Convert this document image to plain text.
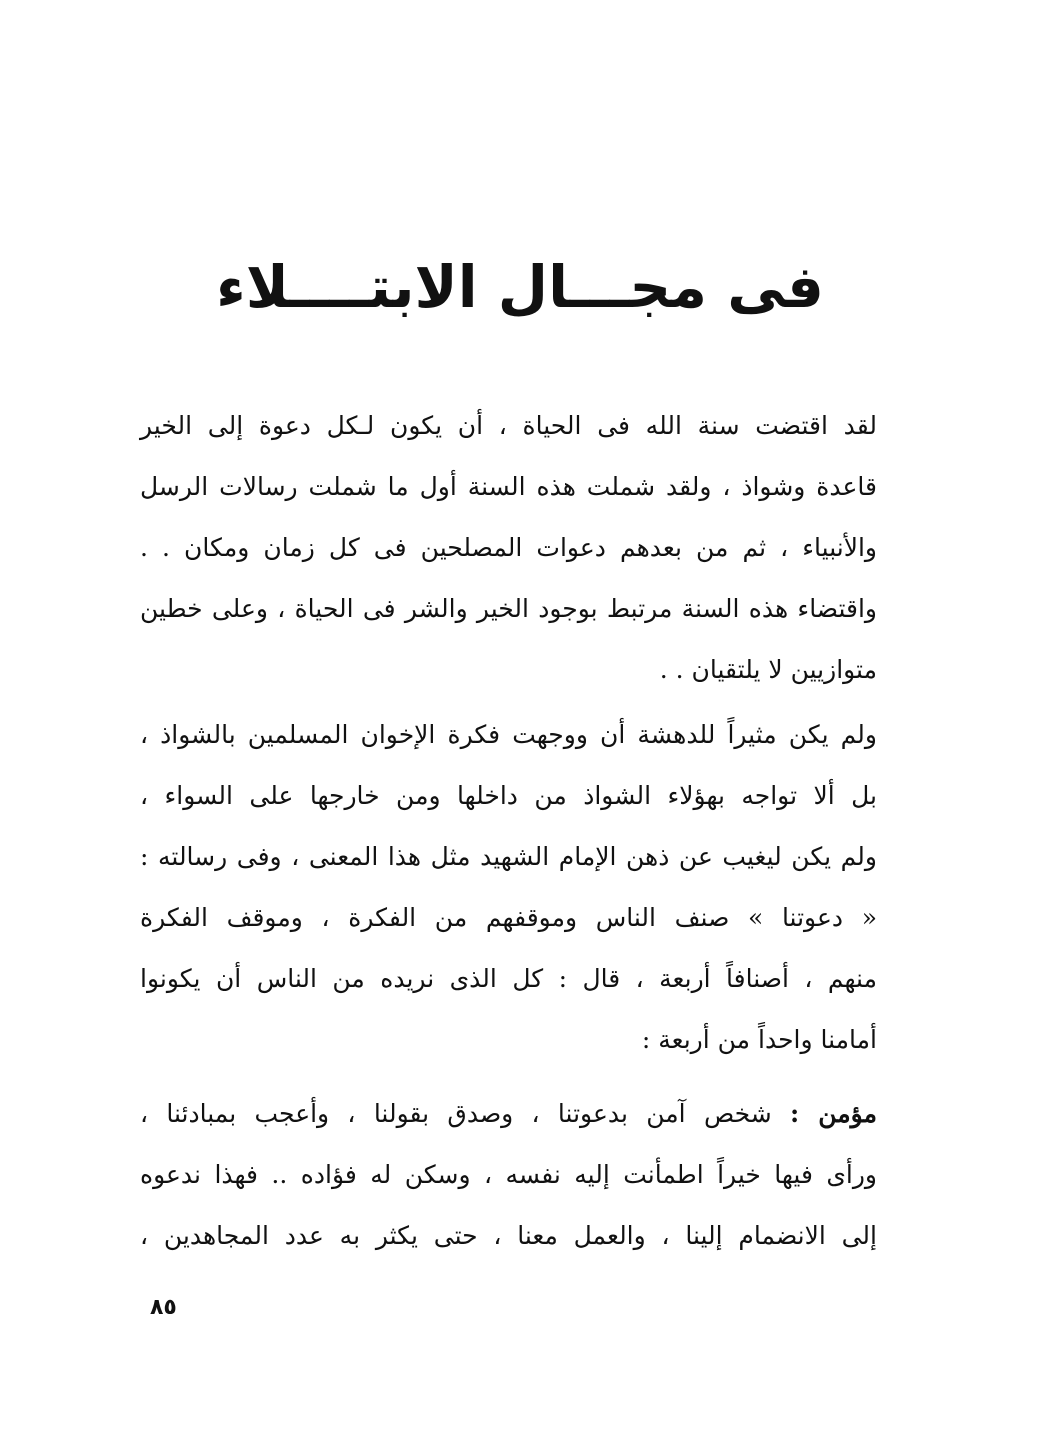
فى مجـــال الابتــــلاء
لقد اقتضت سنة الله فى الحياة ، أن يكون لـكل دعوة إلى الخير
قاعدة وشواذ ، ولقد شملت هذه السنة أول ما شملت رسالات الرسل
والأنبياء ، ثم من بعدهم دعوات المصلحين فى كل زمان ومكان . .
واقتضاء هذه السنة مرتبط بوجود الخير والشر فى الحياة ، وعلى خطين
متوازيين لا يلتقيان . .
ولم يكن مثيراً للدهشة أن ووجهت فكرة الإخوان المسلمين بالشواذ ،
بل ألا تواجه بهؤلاء الشواذ من داخلها ومن خارجها على السواء ،
ولم يكن ليغيب عن ذهن الإمام الشهيد مثل هذا المعنى ، وفى رسالته :
« دعوتنا » صنف الناس وموقفهم من الفكرة ، وموقف الفكرة
منهم ، أصنافاً أربعة ، قال : كل الذى نريده من الناس أن يكونوا
أمامنا واحداً من أربعة :
مؤمن : شخص آمن بدعوتنا ، وصدق بقولنا ، وأعجب بمبادئنا ،
ورأى فيها خيراً اطمأنت إليه نفسه ، وسكن له فؤاده .. فهذا ندعوه
إلى الانضمام إلينا ، والعمل معنا ، حتى يكثر به عدد المجاهدين ،
٨٥
